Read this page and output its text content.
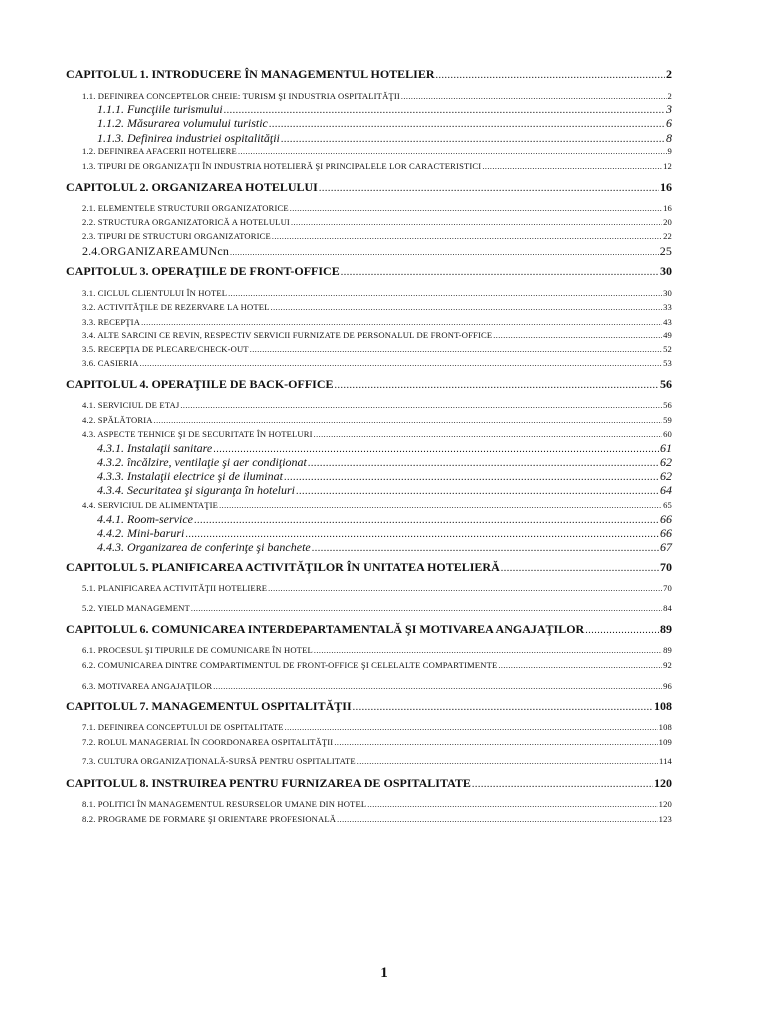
CAPITOLUL 1. INTRODUCERE ÎN MANAGEMENTUL HOTELIER .....	2
1.1. DEFINIREA CONCEPTELOR CHEIE: TURISM ŞI INDUSTRIA OSPITALITĂŢII .....	2
1.1.1. Funcţiile turismului .....	3
1.1.2. Măsurarea volumului turistic .....	6
1.1.3. Definirea industriei ospitalităţii .....	8
1.2. DEFINIREA AFACERII HOTELIERE .....	9
1.3. TIPURI DE ORGANIZAŢII ÎN INDUSTRIA HOTELIERĂ ŞI PRINCIPALELE LOR CARACTERISTICI .....	12
CAPITOLUL 2. ORGANIZAREA HOTELULUI .....	16
2.1. ELEMENTELE STRUCTURII ORGANIZATORICE .....	16
2.2. STRUCTURA ORGANIZATORICĂ A HOTELULUI .....	20
2.3. TIPURI DE STRUCTURI ORGANIZATORICE .....	22
2.4.ORGANIZAREAMUNcn .....	25
CAPITOLUL 3. OPERAŢIILE DE FRONT-OFFICE .....	30
3.1. CICLUL CLIENTULUI ÎN HOTEL .....	30
3.2. ACTIVITĂŢILE DE REZERVARE LA HOTEL .....	33
3.3. RECEPŢIA .....	43
3.4. ALTE SARCINI CE REVIN, RESPECTIV SERVICII FURNIZATE DE PERSONALUL DE FRONT-OFFICE .....	49
3.5. RECEPŢIA DE PLECARE/CHECK-OUT .....	52
3.6. CASIERIA .....	53
CAPITOLUL 4. OPERAŢIILE DE BACK-OFFICE .....	56
4.1. SERVICIUL DE ETAJ .....	56
4.2. SPĂLĂTORIA .....	59
4.3. ASPECTE TEHNICE ŞI DE SECURITATE ÎN HOTELURI .....	60
4.3.1. Instalaţii sanitare .....	61
4.3.2. încălzire, ventilaţie şi aer condiţionat .....	62
4.3.3. Instalaţii electrice şi de iluminat .....	62
4.3.4. Securitatea şi siguranţa în hoteluri .....	64
4.4. SERVICIUL DE ALIMENTAŢIE .....	65
4.4.1. Room-service .....	66
4.4.2. Mini-baruri .....	66
4.4.3. Organizarea de conferinţe şi banchete .....	67
CAPITOLUL 5. PLANIFICAREA ACTIVITĂŢILOR ÎN UNITATEA HOTELIERĂ .....	70
5.1. PLANIFICAREA ACTIVITĂŢII HOTELIERE .....	70
5.2. YIELD MANAGEMENT .....	84
CAPITOLUL 6. COMUNICAREA INTERDEPARTAMENTALĂ ŞI MOTIVAREA ANGAJAŢILOR .....	89
6.1. PROCESUL ŞI TIPURILE DE COMUNICARE ÎN HOTEL .....	89
6.2. COMUNICAREA DINTRE COMPARTIMENTUL DE FRONT-OFFICE ŞI CELELALTE COMPARTIMENTE .....	92
6.3. MOTIVAREA ANGAJAŢILOR .....	96
CAPITOLUL 7. MANAGEMENTUL OSPITALITĂŢII .....	108
7.1. DEFINIREA CONCEPTULUI DE OSPITALITATE .....	108
7.2. ROLUL MANAGERIAL ÎN COORDONAREA OSPITALITĂŢII .....	109
7.3. CULTURA ORGANIZAŢIONALĂ-SURSĂ PENTRU OSPITALITATE .....	114
CAPITOLUL 8. INSTRUIREA PENTRU FURNIZAREA DE OSPITALITATE .....	120
8.1. POLITICI ÎN MANAGEMENTUL RESURSELOR UMANE DIN HOTEL .....	120
8.2. PROGRAME DE FORMARE ŞI ORIENTARE PROFESIONALĂ .....	123
1
